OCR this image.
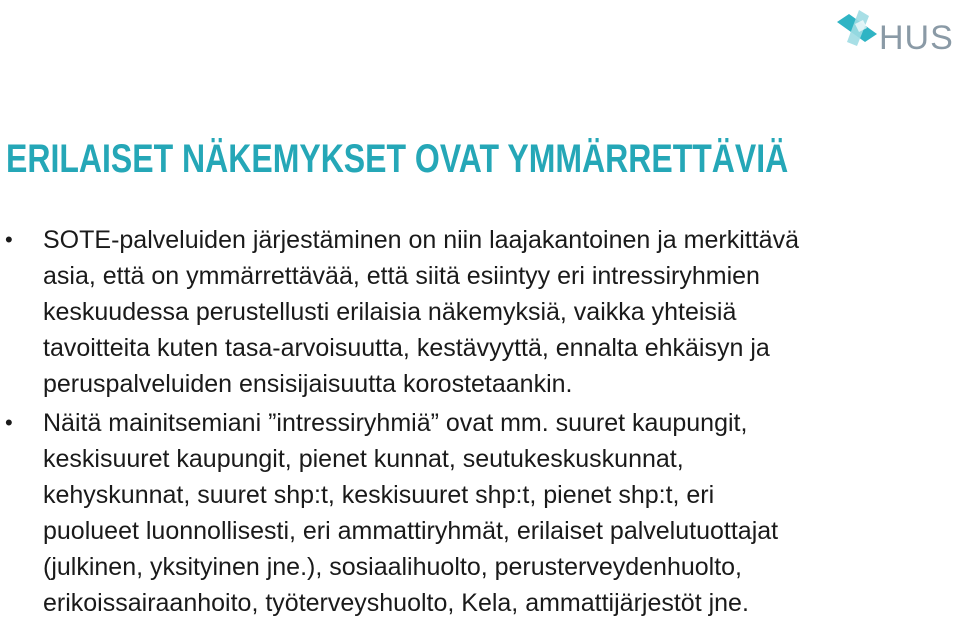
HUS
ERILAISET NÄKEMYKSET OVAT YMMÄRRETTÄVIÄ
• SOTE-palveluiden järjestäminen on niin laajakantoinen ja merkittävä
asia, että on ymmärrettävää, että siitä esiintyy eri intressiryhmien
keskuudessa perustellusti erilaisia näkemyksiä, vaikka yhteisiä
tavoitteita kuten tasa-arvoisuutta, kestävyyttä, ennalta ehkäisyn ja
peruspalveluiden ensisijaisuutta korostetaankin.
• Näitä mainitsemiani ”intressiryhmiä” ovat mm. suuret kaupungit,
keskisuuret kaupungit, pienet kunnat, seutukeskuskunnat,
kehyskunnat, suuret shp:t, keskisuuret shp:t, pienet shp:t, eri
puolueet luonnollisesti, eri ammattiryhmät, erilaiset palvelutuottajat
(julkinen, yksityinen jne.), sosiaalihuolto, perusterveydenhuolto,
erikoissairaanhoito, työterveyshuolto, Kela, ammattijärjestöt jne.
